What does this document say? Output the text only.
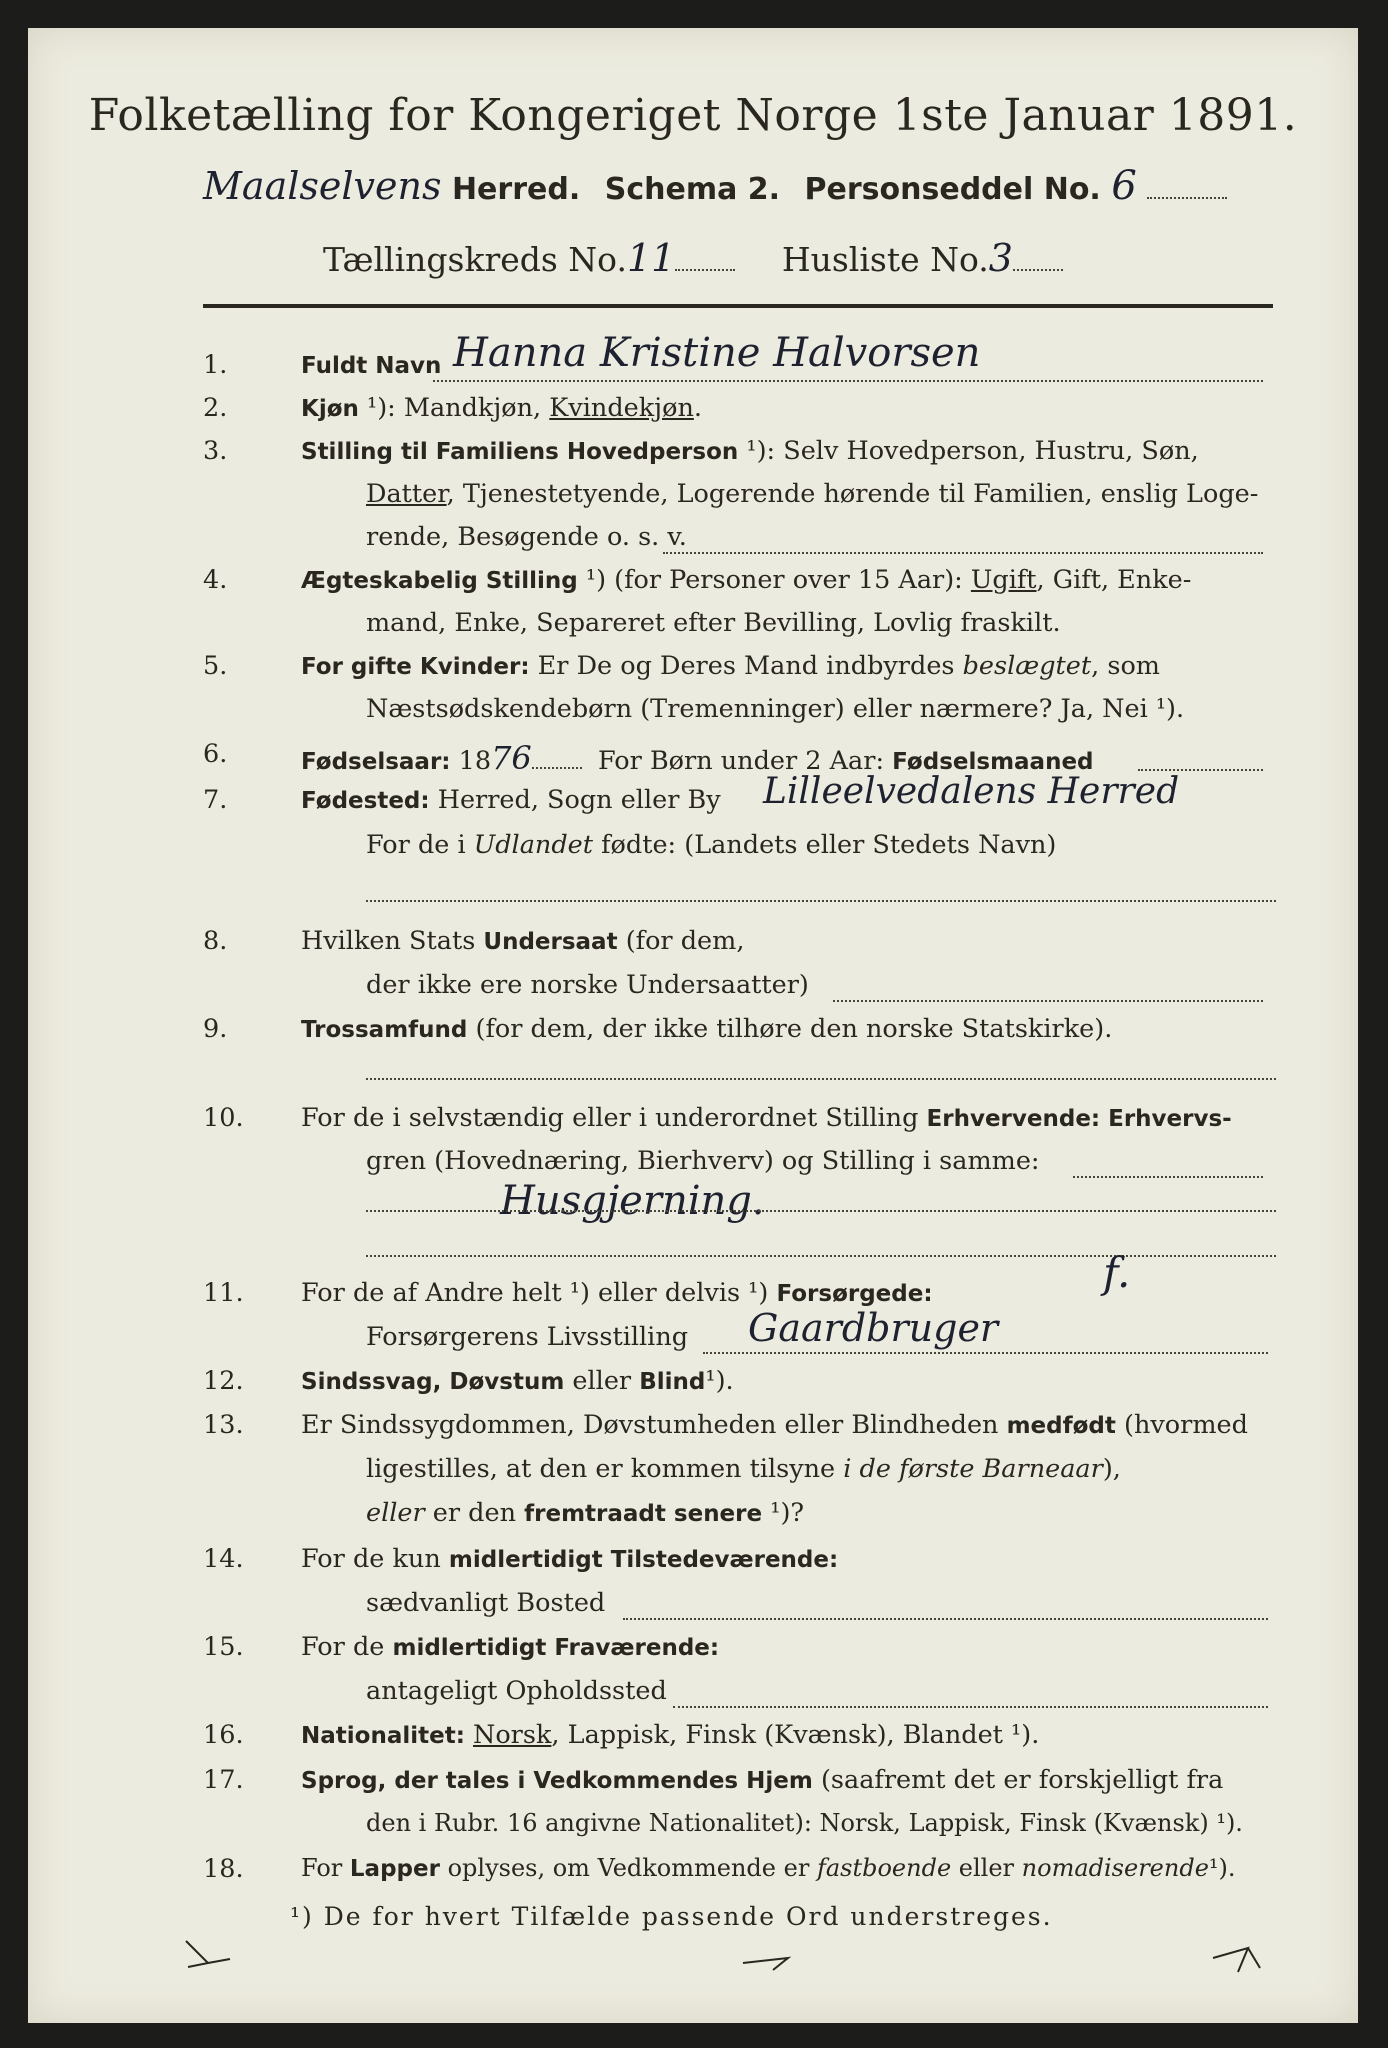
Folketælling for Kongeriget Norge 1ste Januar 1891.
Maalselvens Herred. Schema 2. Personseddel No. 6
Tællingskreds No.11	Husliste No.3
1.	Fuldt Navn Hanna Kristine Halvorsen
2.	Kjøn ¹): Mandkjøn, Kvindekjøn.
3.	Stilling til Familiens Hovedperson ¹): Selv Hovedperson, Hustru, Søn,
Datter, Tjenestetyende, Logerende hørende til Familien, enslig Loge-
rende, Besøgende o. s. v.
4.	Ægteskabelig Stilling ¹) (for Personer over 15 Aar): Ugift, Gift, Enke-
mand, Enke, Separeret efter Bevilling, Lovlig fraskilt.
5.	For gifte Kvinder: Er De og Deres Mand indbyrdes beslægtet, som
Næstsødskendebørn (Tremenninger) eller nærmere? Ja, Nei ¹).
6.	Fødselsaar: 1876	For Børn under 2 Aar: Fødselsmaaned
7.	Fødested: Herred, Sogn eller By Lilleelvedalens Herred
For de i Udlandet fødte: (Landets eller Stedets Navn)
8.	Hvilken Stats Undersaat (for dem,
der ikke ere norske Undersaatter)
9.	Trossamfund (for dem, der ikke tilhøre den norske Statskirke).
10.	For de i selvstændig eller i underordnet Stilling Erhvervende: Erhvervs-
gren (Hovednæring, Bierhverv) og Stilling i samme:
Husgjerning.
11.	For de af Andre helt ¹) eller delvis ¹) Forsørgede:	f.
Forsørgerens Livsstilling Gaardbruger
12.	Sindssvag, Døvstum eller Blind¹).
13.	Er Sindssygdommen, Døvstumheden eller Blindheden medfødt (hvormed
ligestilles, at den er kommen tilsyne i de første Barneaar),
eller er den fremtraadt senere ¹)?
14.	For de kun midlertidigt Tilstedeværende:
sædvanligt Bosted
15.	For de midlertidigt Fraværende:
antageligt Opholdssted
16.	Nationalitet: Norsk, Lappisk, Finsk (Kvænsk), Blandet ¹).
17.	Sprog, der tales i Vedkommendes Hjem (saafremt det er forskjelligt fra
den i Rubr. 16 angivne Nationalitet): Norsk, Lappisk, Finsk (Kvænsk) ¹).
18.	For Lapper oplyses, om Vedkommende er fastboende eller nomadiserende¹).
¹) De for hvert Tilfælde passende Ord understreges.
